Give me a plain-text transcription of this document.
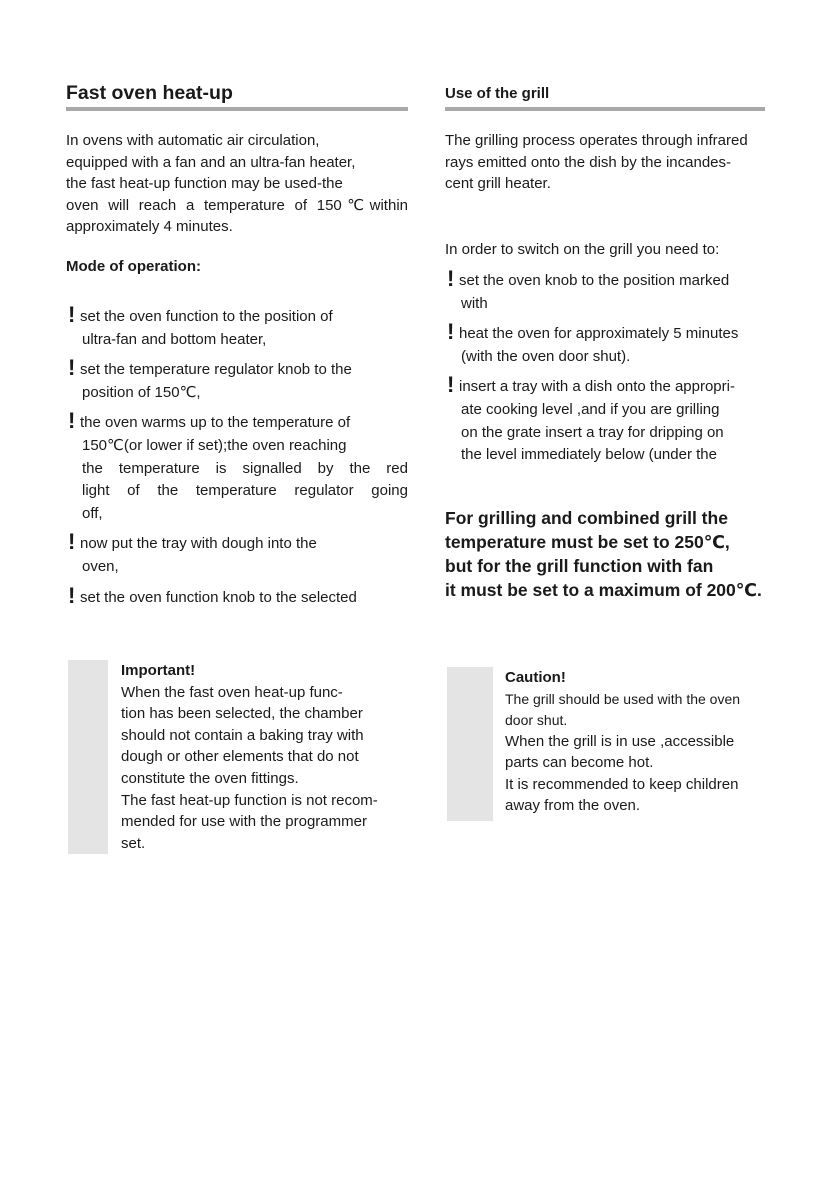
Fast oven heat-up

In ovens with automatic air circulation,

equipped with a fan and an ultra-fan heater,

the fast heat-up function may be used-the

oven will reach a temperature of 150℃within

approximately 4 minutes.

Mode of operation:

! set the oven function to the position of
ultra-fan and bottom heater,
! set the temperature regulator knob to the
position of 150℃,
! the oven warms up to the temperature of
150℃(or lower if set);the oven reaching
the temperature is signalled by the red
light of the temperature regulator going
off,
! now put the tray with dough into the
oven,
! set the oven function knob to the selected

Important!

When the fast oven heat-up func-

tion has been selected, the chamber

should not contain a baking tray with

dough or other elements that do not

constitute the oven fittings.

The fast heat-up function is not recom-

mended for use with the programmer

set.

Use of the grill

The grilling process operates through infrared

rays emitted onto the dish by the incandes-

cent grill heater.

In order to switch on the grill you need to:

! set the oven knob to the position marked
with
! heat the oven for approximately 5 minutes
(with the oven door shut).
! insert a tray with a dish onto the appropri-
ate cooking level ,and if you are grilling
on the grate insert a tray for dripping on
the level immediately below (under the

For grilling and combined grill the

temperature must be set to 250℃,

but for the grill function with fan

it must be set to a maximum of 200℃.

Caution!

The grill should be used with the oven

door shut.

When the grill is in use ,accessible

parts can become hot.

It is recommended to keep children

away from the oven.
